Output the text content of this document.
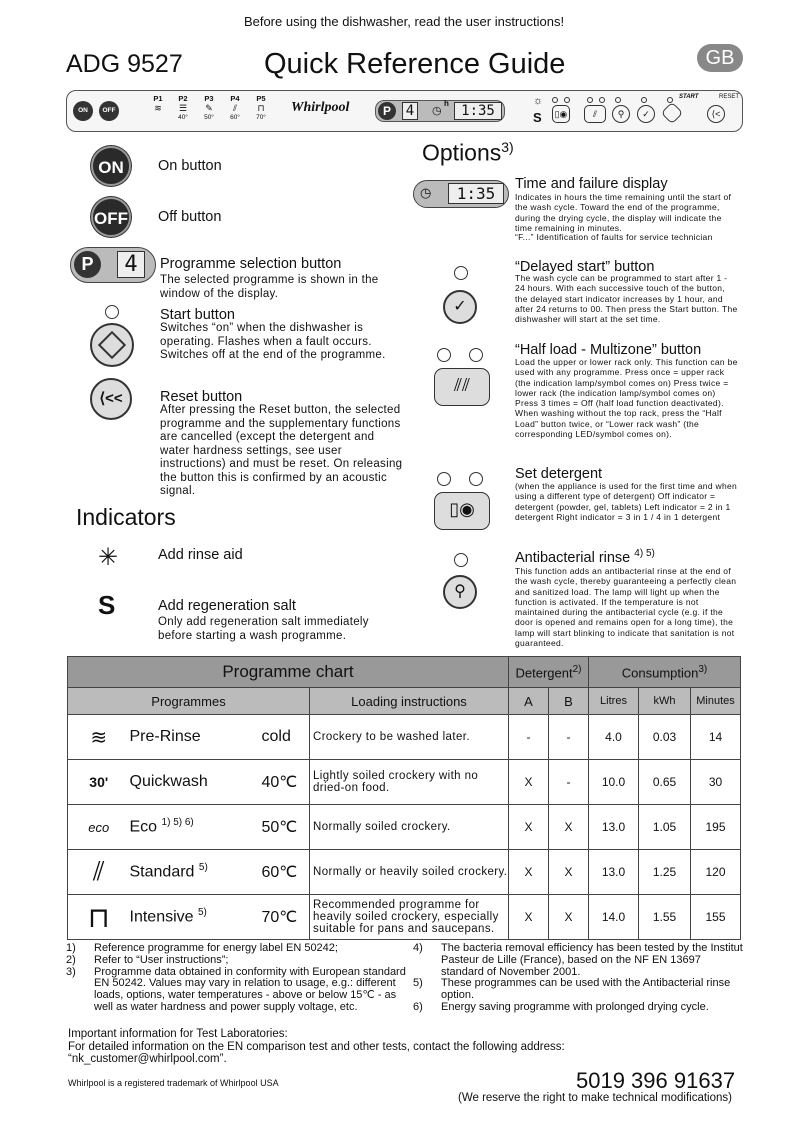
Before using the dishwasher, read the user instructions!
ADG 9527	Quick Reference Guide	GB
ON	OFF
P1
≋
P2
☰
40°
P3
✎
50°
P4
⫽
60°
P5
⊓
70°
Whirlpool	P	4	◷
h 1:35
☼
S ▯◉	⫽	⚲	✓
START	RESET
⟨<
ON	On button
OFF Off button
P	4	Programme selection button
The selected programme is shown in the window of the display.
Start button
Switches “on” when the dishwasher is operating. Flashes when a fault occurs. Switches off at the end of the programme.
⟨<<	Reset button
After pressing the Reset button, the selected programme and the supplementary functions are cancelled (except the detergent and water hardness settings, see user instructions) and must be reset. On releasing the button this is confirmed by an acoustic signal.
Indicators
✳	Add rinse aid
S	Add regeneration salt
Only add regeneration salt immediately before starting a wash programme.
Options$^{3)}$
◷	1:35	Time and failure display
Indicates in hours the time remaining until the start of the wash cycle. Toward the end of the programme, during the drying cycle, the display will indicate the time remaining in minutes.
“F...” Identification of faults for service technician
✓
“Delayed start” button
The wash cycle can be programmed to start after 1 - 24 hours. With each successive touch of the button, the delayed start indicator increases by 1 hour, and after 24 returns to 00. Then press the Start button. The dishwasher will start at the set time.
⫽⫽
“Half load - Multizone” button
Load the upper or lower rack only. This function can be used with any programme. Press once = upper rack (the indication lamp/symbol comes on) Press twice = lower rack (the indication lamp/symbol comes on) Press 3 times = Off (half load function deactivated). When washing without the top rack, press the “Half Load” button twice, or “Lower rack wash” (the corresponding LED/symbol comes on).
▯◉
Set detergent
(when the appliance is used for the first time and when using a different type of detergent) Off indicator = detergent (powder, gel, tablets) Left indicator = 2 in 1 detergent Right indicator = 3 in 1 / 4 in 1 detergent
⚲
Antibacterial rinse $^{4) 5)}$
This function adds an antibacterial rinse at the end of the wash cycle, thereby guaranteeing a perfectly clean and sanitized load. The lamp will light up when the function is activated. If the temperature is not maintained during the antibacterial cycle (e.g. if the door is opened and remains open for a long time), the lamp will start blinking to indicate that sanitation is not guaranteed.
Programme chart				Detergent$^{2)}$		Consumption$^{3)}$
Programmes			Loading instructions	A	B	Litres	kWh	Minutes
≋	Pre-Rinse	cold	Crockery to be washed later.	-	-	4.0	0.03	14
30'	Quickwash	40℃	Lightly soiled crockery with no dried-on food.	X	-	10.0	0.65	30
eco	Eco $^{1) 5) 6)}$	50℃	Normally soiled crockery.	X	X	13.0	1.05	195
⫽	Standard $^{5)}$	60℃	Normally or heavily soiled crockery.	X	X	13.0	1.25	120
⊓	Intensive $^{5)}$	70℃	Recommended programme for heavily soiled crockery, especially suitable for pans and saucepans.	X	X	14.0	1.55	155
1)	Reference programme for energy label EN 50242;
2)	Refer to “User instructions”;
3)	Programme data obtained in conformity with European standard EN 50242. Values may vary in relation to usage, e.g.: different loads, options, water temperatures - above or below 15℃ - as well as water hardness and power supply voltage, etc.
4)	The bacteria removal efficiency has been tested by the Institut Pasteur de Lille (France), based on the NF EN 13697 standard of November 2001.
5)	These programmes can be used with the Antibacterial rinse option.
6)	Energy saving programme with prolonged drying cycle.
Important information for Test Laboratories:
For detailed information on the EN comparison test and other tests, contact the following address:
“nk_customer@whirlpool.com”.
Whirlpool is a registered trademark of Whirlpool USA	5019 396 91637
(We reserve the right to make technical modifications)
